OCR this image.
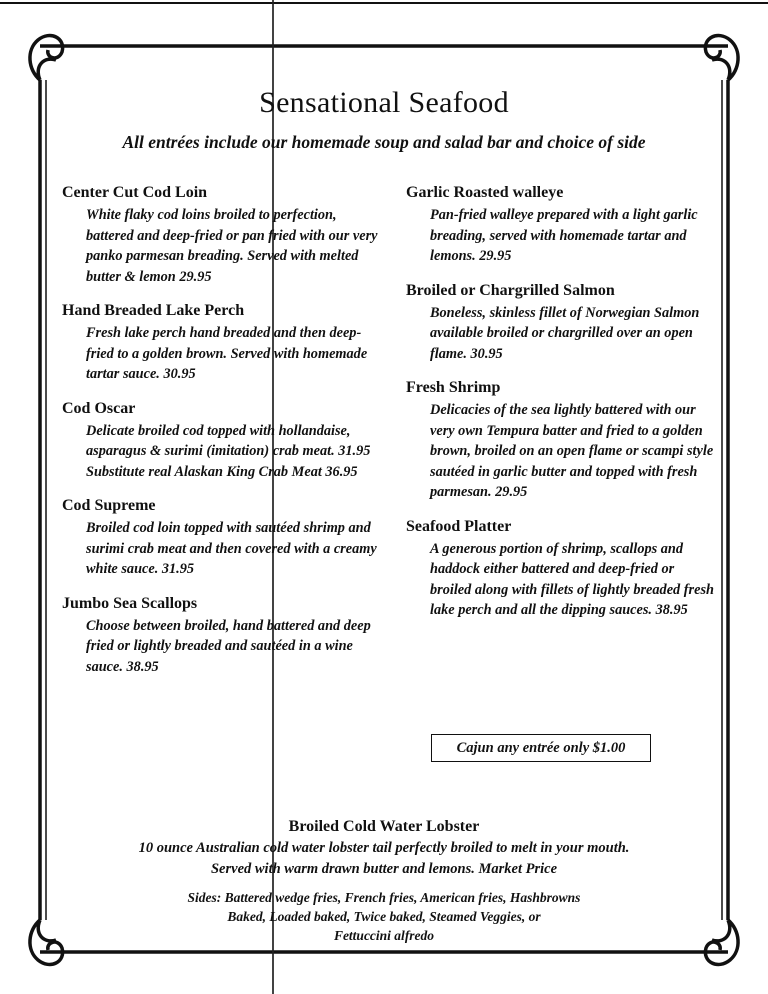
Sensational Seafood
All entrées include our homemade soup and salad bar and choice of side
Center Cut Cod Loin
White flaky cod loins broiled to perfection, battered and deep-fried or pan fried with our very panko parmesan breading. Served with melted butter & lemon 29.95
Hand Breaded Lake Perch
Fresh lake perch hand breaded and then deep-fried to a golden brown. Served with homemade tartar sauce. 30.95
Cod Oscar
Delicate broiled cod topped with hollandaise, asparagus & surimi (imitation) crab meat. 31.95 Substitute real Alaskan King Crab Meat 36.95
Cod Supreme
Broiled cod loin topped with sautéed shrimp and surimi crab meat and then covered with a creamy white sauce. 31.95
Jumbo Sea Scallops
Choose between broiled, hand battered and deep fried or lightly breaded and sautéed in a wine sauce. 38.95
Garlic Roasted walleye
Pan-fried walleye prepared with a light garlic breading, served with homemade tartar and lemons. 29.95
Broiled or Chargrilled Salmon
Boneless, skinless fillet of Norwegian Salmon available broiled or chargrilled over an open flame. 30.95
Fresh Shrimp
Delicacies of the sea lightly battered with our very own Tempura batter and fried to a golden brown, broiled on an open flame or scampi style sautéed in garlic butter and topped with fresh parmesan. 29.95
Seafood Platter
A generous portion of shrimp, scallops and haddock either battered and deep-fried or broiled along with fillets of lightly breaded fresh lake perch and all the dipping sauces. 38.95
Cajun any entrée only $1.00
Broiled Cold Water Lobster
10 ounce Australian cold water lobster tail perfectly broiled to melt in your mouth.
Served with warm drawn butter and lemons. Market Price
Sides: Battered wedge fries, French fries, American fries, Hashbrowns
Baked, Loaded baked, Twice baked, Steamed Veggies, or
Fettuccini alfredo
